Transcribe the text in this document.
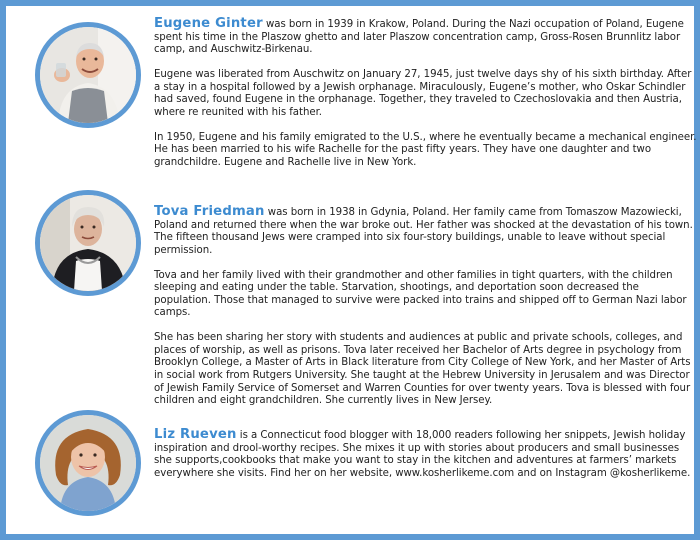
Eugene Ginter was born in 1939 in Krakow, Poland. During the Nazi occupation of Poland, Eugene spent his time in the Plaszow ghetto and later Plaszow concentration camp, Gross-Rosen Brunnlitz labor camp, and Auschwitz-Birkenau.

Eugene was liberated from Auschwitz on January 27, 1945, just twelve days shy of his sixth birthday. After a stay in a hospital followed by a Jewish orphanage. Miraculously, Eugene’s mother, who Oskar Schindler had saved, found Eugene in the orphanage. Together, they traveled to Czechoslovakia and then Austria, where re reunited with his father.

In 1950, Eugene and his family emigrated to the U.S., where he eventually became a mechanical engineer. He has been married to his wife Rachelle for the past fifty years. They have one daughter and two grandchildre. Eugene and Rachelle live in New York.

Tova Friedman was born in 1938 in Gdynia, Poland. Her family came from Tomaszow Mazowiecki, Poland and returned there when the war broke out. Her father was shocked at the devastation of his town. The fifteen thousand Jews were cramped into six four-story buildings, unable to leave without special permission.

Tova and her family lived with their grandmother and other families in tight quarters, with the children sleeping and eating under the table. Starvation, shootings, and deportation soon decreased the population. Those that managed to survive were packed into trains and shipped off to German Nazi labor camps.

She has been sharing her story with students and audiences at public and private schools, colleges, and places of worship, as well as prisons. Tova later received her Bachelor of Arts degree in psychology from Brooklyn College, a Master of Arts in Black literature from City College of New York, and her Master of Arts in social work from Rutgers University. She taught at the Hebrew University in Jerusalem and was Director of Jewish Family Service of Somerset and Warren Counties for over twenty years. Tova is blessed with four children and eight grandchildren. She currently lives in New Jersey.

Liz Rueven is a Connecticut food blogger with 18,000 readers following her snippets, Jewish holiday inspiration and drool-worthy recipes. She mixes it up with stories about producers and small businesses she supports,cookbooks that make you want to stay in the kitchen and adventures at farmers’ markets everywhere she visits. Find her on her website, www.kosherlikeme.com and on Instagram @kosherlikeme.
